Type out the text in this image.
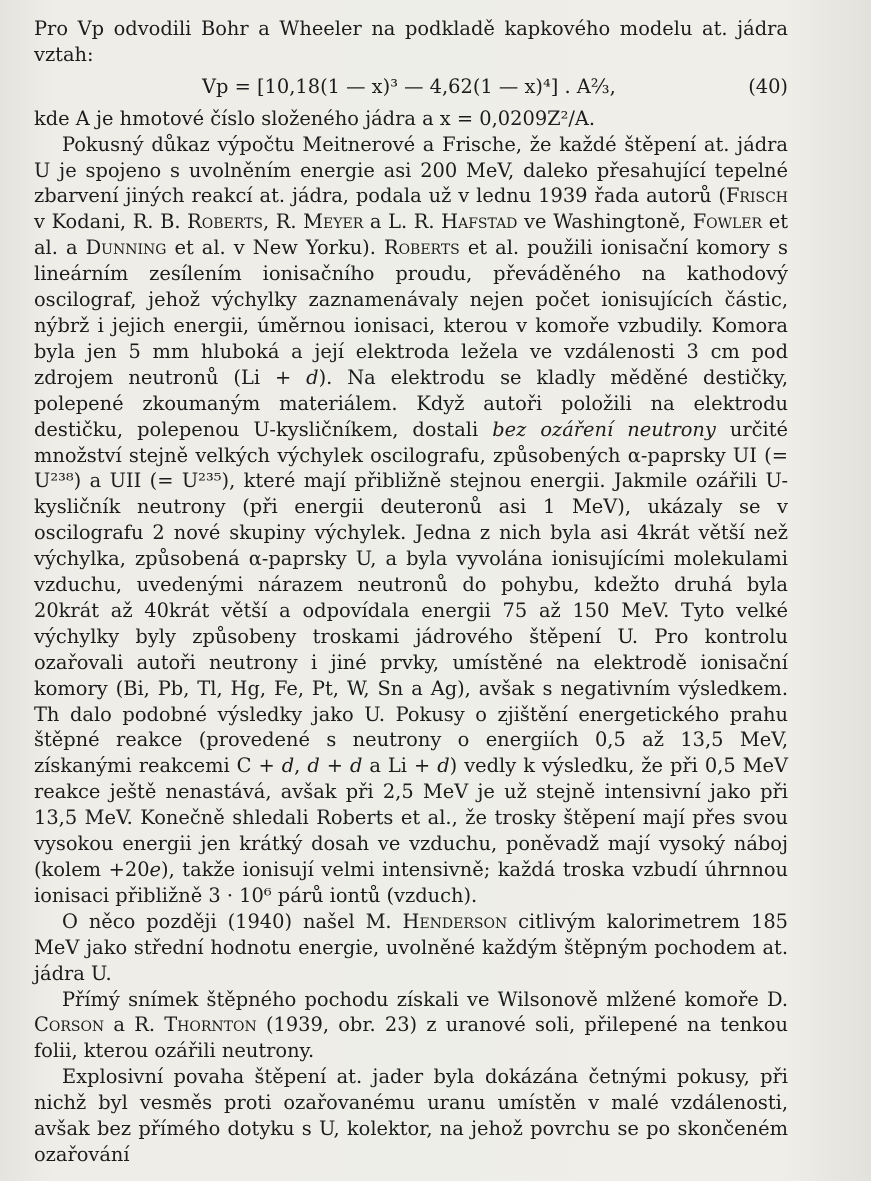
Pro Vp odvodili Bohr a Wheeler na podkladě kapkového modelu at. jádra vztah:

Vp = [10,18(1 — x)³ — 4,62(1 — x)⁴] . A⅔,	(40)

kde A je hmotové číslo složeného jádra a x = 0,0209Z²/A.

Pokusný důkaz výpočtu Meitnerové a Frische, že každé štěpení at. jádra U je spojeno s uvolněním energie asi 200 MeV, daleko přesahující tepelné zbarvení jiných reakcí at. jádra, podala už v lednu 1939 řada autorů (Frisch v Kodani, R. B. Roberts, R. Meyer a L. R. Hafstad ve Washingtoně, Fowler et al. a Dunning et al. v New Yorku). Roberts et al. použili ionisační komory s lineárním zesílením ionisačního proudu, převáděného na kathodový oscilograf, jehož výchylky zaznamenávaly nejen počet ionisujících částic, nýbrž i jejich energii, úměrnou ionisaci, kterou v komoře vzbudily. Komora byla jen 5 mm hluboká a její elektroda ležela ve vzdálenosti 3 cm pod zdrojem neutronů (Li + d). Na elektrodu se kladly měděné destičky, polepené zkoumaným materiálem. Když autoři položili na elektrodu destičku, polepenou U-kysličníkem, dostali bez ozáření neutrony určité množství stejně velkých výchylek oscilografu, způsobených α-paprsky UI (= U²³⁸) a UII (= U²³⁵), které mají přibližně stejnou energii. Jakmile ozářili U-kysličník neutrony (při energii deuteronů asi 1 MeV), ukázaly se v oscilografu 2 nové skupiny výchylek. Jedna z nich byla asi 4krát větší než výchylka, způsobená α-paprsky U, a byla vyvolána ionisujícími molekulami vzduchu, uvedenými nárazem neutronů do pohybu, kdežto druhá byla 20krát až 40krát větší a odpovídala energii 75 až 150 MeV. Tyto velké výchylky byly způsobeny troskami jádrového štěpení U. Pro kontrolu ozařovali autoři neutrony i jiné prvky, umístěné na elektrodě ionisační komory (Bi, Pb, Tl, Hg, Fe, Pt, W, Sn a Ag), avšak s negativním výsledkem. Th dalo podobné výsledky jako U. Pokusy o zjištění energetického prahu štěpné reakce (provedené s neutrony o energiích 0,5 až 13,5 MeV, získanými reakcemi C + d, d + d a Li + d) vedly k výsledku, že při 0,5 MeV reakce ještě nenastává, avšak při 2,5 MeV je už stejně intensivní jako při 13,5 MeV. Konečně shledali Roberts et al., že trosky štěpení mají přes svou vysokou energii jen krátký dosah ve vzduchu, poněvadž mají vysoký náboj (kolem +20e), takže ionisují velmi intensivně; každá troska vzbudí úhrnnou ionisaci přibližně 3 · 10⁶ párů iontů (vzduch).

O něco později (1940) našel M. Henderson citlivým kalorimetrem 185 MeV jako střední hodnotu energie, uvolněné každým štěpným pochodem at. jádra U.

Přímý snímek štěpného pochodu získali ve Wilsonově mlžené komoře D. Corson a R. Thornton (1939, obr. 23) z uranové soli, přilepené na tenkou folii, kterou ozářili neutrony.

Explosivní povaha štěpení at. jader byla dokázána četnými pokusy, při nichž byl vesměs proti ozařovanému uranu umístěn v malé vzdálenosti, avšak bez přímého dotyku s U, kolektor, na jehož povrchu se po skončeném ozařování
